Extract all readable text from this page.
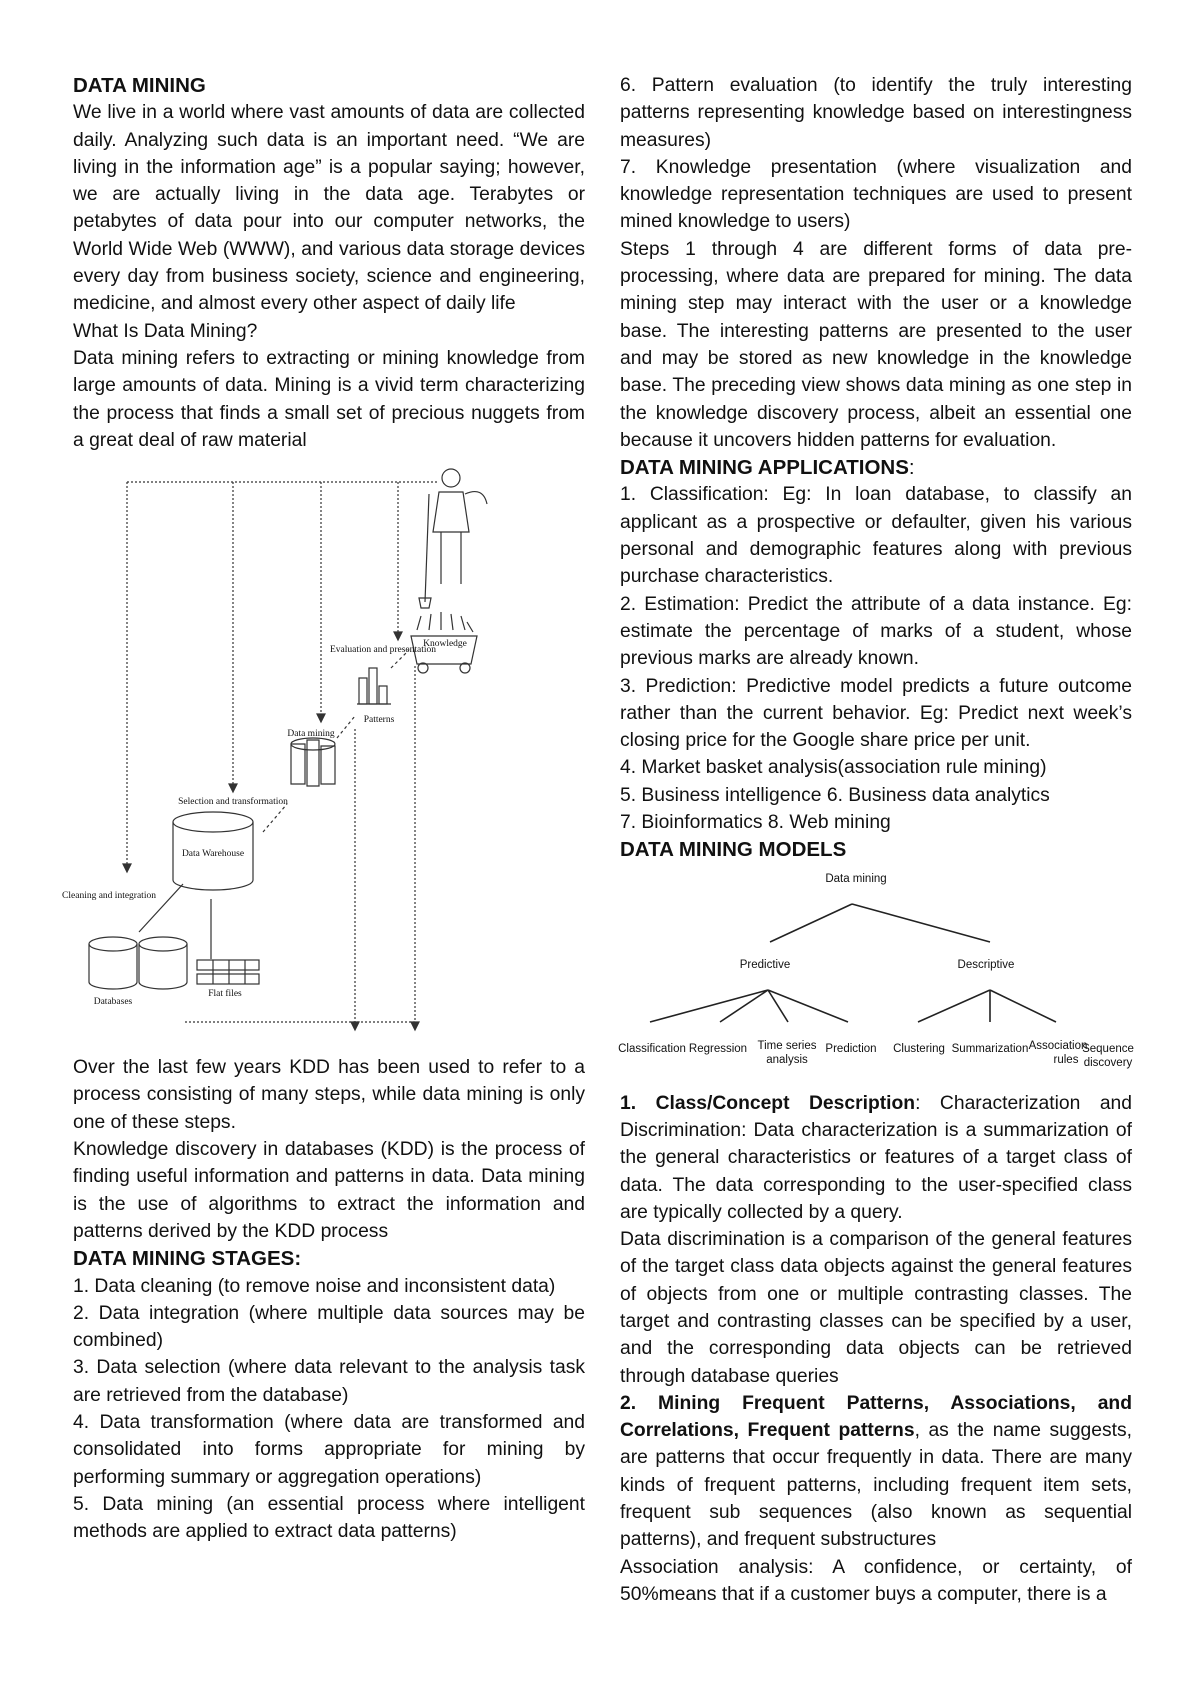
DATA MINING

We live in a world where vast amounts of data are collected daily. Analyzing such data is an important need. “We are living in the information age” is a popular saying; however, we are actually living in the data age. Terabytes or petabytes of data pour into our computer networks, the World Wide Web (WWW), and various data storage devices every day from business society, science and engineering, medicine, and almost every other aspect of daily life

What Is Data Mining?

Data mining refers to extracting or mining knowledge from large amounts of data. Mining is a vivid term characterizing the process that finds a small set of precious nuggets from a great deal of raw material

Databases
Flat files
Cleaning and integration
Data Warehouse
Selection and transformation
Data mining
Patterns
Evaluation and presentation
Knowledge

Over the last few years KDD has been used to refer to a process consisting of many steps, while data mining is only one of these steps.

Knowledge discovery in databases (KDD) is the process of finding useful information and patterns in data. Data mining is the use of algorithms to extract the information and patterns derived by the KDD process

DATA MINING STAGES:

1. Data cleaning (to remove noise and inconsistent data)

2. Data integration (where multiple data sources may be combined)

3. Data selection (where data relevant to the analysis task are retrieved from the database)

4. Data transformation (where data are transformed and consolidated into forms appropriate for mining by performing summary or aggregation operations)

5. Data mining (an essential process where intelligent methods are applied to extract data patterns)

6. Pattern evaluation (to identify the truly interesting patterns representing knowledge based on interestingness measures)

7. Knowledge presentation (where visualization and knowledge representation techniques are used to present mined knowledge to users)

Steps 1 through 4 are different forms of data pre-processing, where data are prepared for mining. The data mining step may interact with the user or a knowledge base. The interesting patterns are presented to the user and may be stored as new knowledge in the knowledge base. The preceding view shows data mining as one step in the knowledge discovery process, albeit an essential one because it uncovers hidden patterns for evaluation.

DATA MINING APPLICATIONS:

1. Classification: Eg: In loan database, to classify an applicant as a prospective or defaulter, given his various personal and demographic features along with previous purchase characteristics.

2. Estimation: Predict the attribute of a data instance. Eg: estimate the percentage of marks of a student, whose previous marks are already known.

3. Prediction: Predictive model predicts a future outcome rather than the current behavior. Eg: Predict next week’s closing price for the Google share price per unit.

4. Market basket analysis(association rule mining)

5. Business intelligence 6. Business data analytics

7. Bioinformatics 8. Web mining

DATA MINING MODELS
Data mining
Predictive	Descriptive
Classification Regression Time series
analysis
Prediction Clustering Summarization Association
rules
Sequence
discovery

1. Class/Concept Description: Characterization and Discrimination: Data characterization is a summarization of the general characteristics or features of a target class of data. The data corresponding to the user-specified class are typically collected by a query.

Data discrimination is a comparison of the general features of the target class data objects against the general features of objects from one or multiple contrasting classes. The target and contrasting classes can be specified by a user, and the corresponding data objects can be retrieved through database queries

2. Mining Frequent Patterns, Associations, and Correlations, Frequent patterns, as the name suggests, are patterns that occur frequently in data. There are many kinds of frequent patterns, including frequent item sets, frequent sub sequences (also known as sequential patterns), and frequent substructures

Association analysis: A confidence, or certainty, of 50%means that if a customer buys a computer, there is a
